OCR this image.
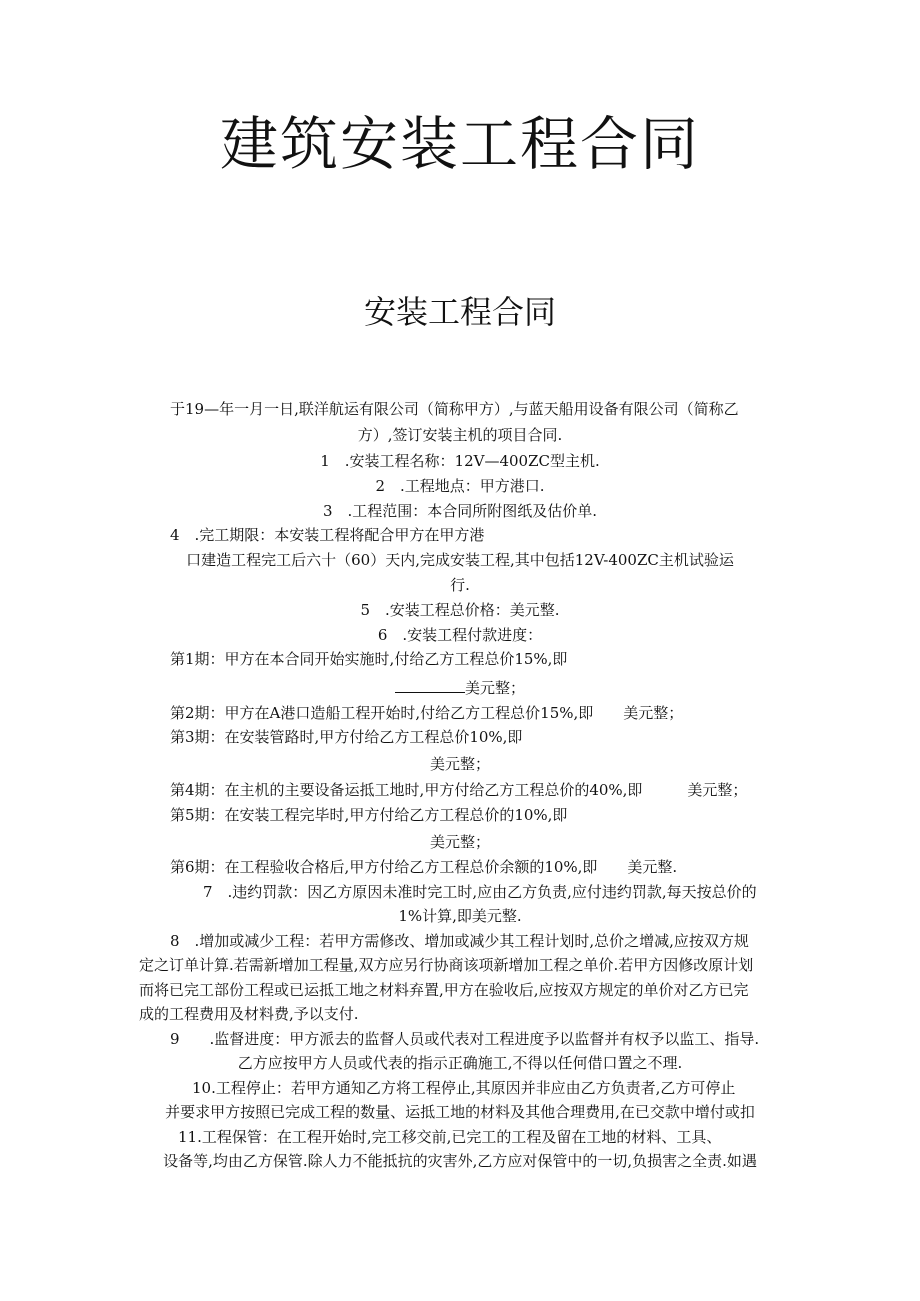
建筑安装工程合同
安装工程合同

于19—年一月一日,联洋航运有限公司（简称甲方）,与蓝天船用设备有限公司（简称乙

方）,签订安装主机的项目合同.

1　.安装工程名称：12V—400ZC型主机.

2　.工程地点：甲方港口.

3　.工程范围：本合同所附图纸及估价单.

4　.完工期限：本安装工程将配合甲方在甲方港

口建造工程完工后六十（60）天内,完成安装工程,其中包括12V-400ZC主机试验运

行.

5　.安装工程总价格：美元整.

6　.安装工程付款进度：

第1期：甲方在本合同开始实施时,付给乙方工程总价15%,即

美元整；

第2期：甲方在A港口造船工程开始时,付给乙方工程总价15%,即　　美元整；

第3期：在安装管路时,甲方付给乙方工程总价10%,即

美元整；

第4期：在主机的主要设备运抵工地时,甲方付给乙方工程总价的40%,即　　　美元整；

第5期：在安装工程完毕时,甲方付给乙方工程总价的10%,即

美元整；

第6期：在工程验收合格后,甲方付给乙方工程总价余额的10%,即　　美元整.

7　.违约罚款：因乙方原因未准时完工时,应由乙方负责,应付违约罚款,每天按总价的

1%计算,即美元整.

8　.增加或减少工程：若甲方需修改、增加或减少其工程计划时,总价之增减,应按双方规

定之订单计算.若需新增加工程量,双方应另行协商该项新增加工程之单价.若甲方因修改原计划

而将已完工部份工程或已运抵工地之材料弃置,甲方在验收后,应按双方规定的单价对乙方已完

成的工程费用及材料费,予以支付.

9　　.监督进度：甲方派去的监督人员或代表对工程进度予以监督并有权予以监工、指导.

乙方应按甲方人员或代表的指示正确施工,不得以任何借口置之不理.

10.工程停止：若甲方通知乙方将工程停止,其原因并非应由乙方负责者,乙方可停止

并要求甲方按照已完成工程的数量、运抵工地的材料及其他合理费用,在已交款中增付或扣

11.工程保管：在工程开始时,完工移交前,已完工的工程及留在工地的材料、工具、

设备等,均由乙方保管.除人力不能抵抗的灾害外,乙方应对保管中的一切,负损害之全责.如遇
